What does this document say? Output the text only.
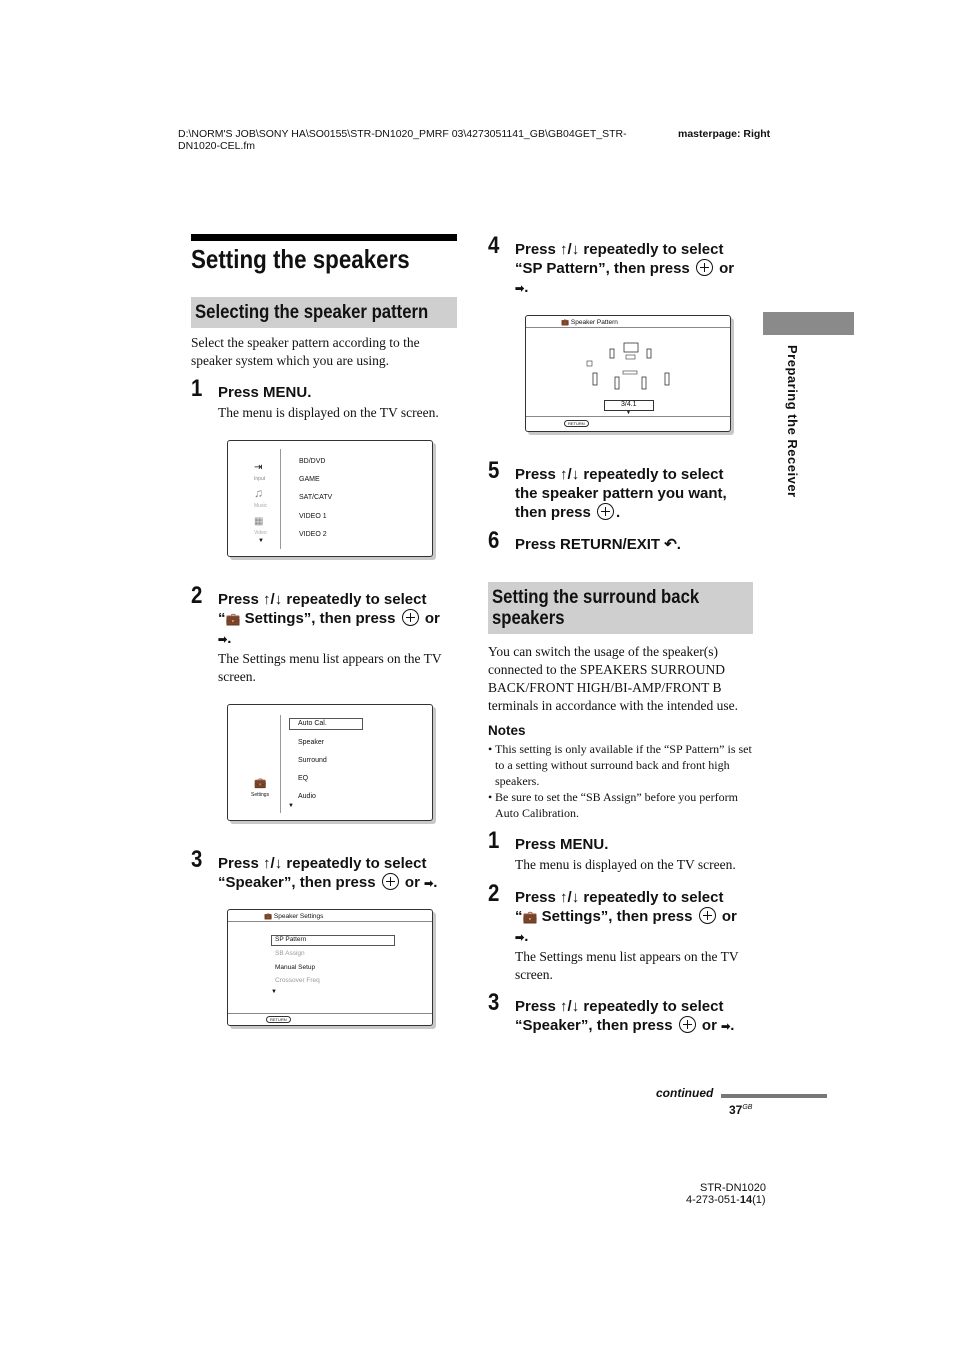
D:\NORM'S JOB\SONY HA\SO0155\STR-DN1020_PMRF 03\4273051141_GB\GB04GET_STR-
DN1020-CEL.fm
masterpage: Right
Preparing the Receiver
Setting the speakers
Selecting the speaker pattern
Select the speaker pattern according to the speaker system which you are using.
1 Press MENU.
The menu is displayed on the TV screen.
⇥
Input
♫
Music
▦
Video
▼
BD/DVD
GAME
SAT/CATV
VIDEO 1
VIDEO 2
2 Press ↑/↓ repeatedly to select
“💼 Settings”, then press  or
➡.
The Settings menu list appears on the TV screen.
Auto Cal.
Speaker
Surround
EQ
Audio
▼
💼
Settings
3 Press ↑/↓ repeatedly to select
“Speaker”, then press  or ➡.
💼 Speaker Settings
SP Pattern
SB Assign
Manual Setup
Crossover Freq
▼
RETURN
4 Press ↑/↓ repeatedly to select
“SP Pattern”, then press  or
➡.
💼 Speaker Pattern
3/4.1
▼
RETURN
5 Press ↑/↓ repeatedly to select
the speaker pattern you want,
then press .
6 Press RETURN/EXIT ↶.
Setting the surround back
speakers
You can switch the usage of the speaker(s) connected to the SPEAKERS SURROUND BACK/FRONT HIGH/BI-AMP/FRONT B terminals in accordance with the intended use.
Notes
• This setting is only available if the “SP Pattern” is set to a setting without surround back and front high speakers.
• Be sure to set the “SB Assign” before you perform Auto Calibration.
1 Press MENU.
The menu is displayed on the TV screen.
2 Press ↑/↓ repeatedly to select
“💼 Settings”, then press  or
➡.
The Settings menu list appears on the TV screen.
3 Press ↑/↓ repeatedly to select
“Speaker”, then press  or ➡.
continued
$37^{GB}$
STR-DN1020
4-273-051-14(1)
